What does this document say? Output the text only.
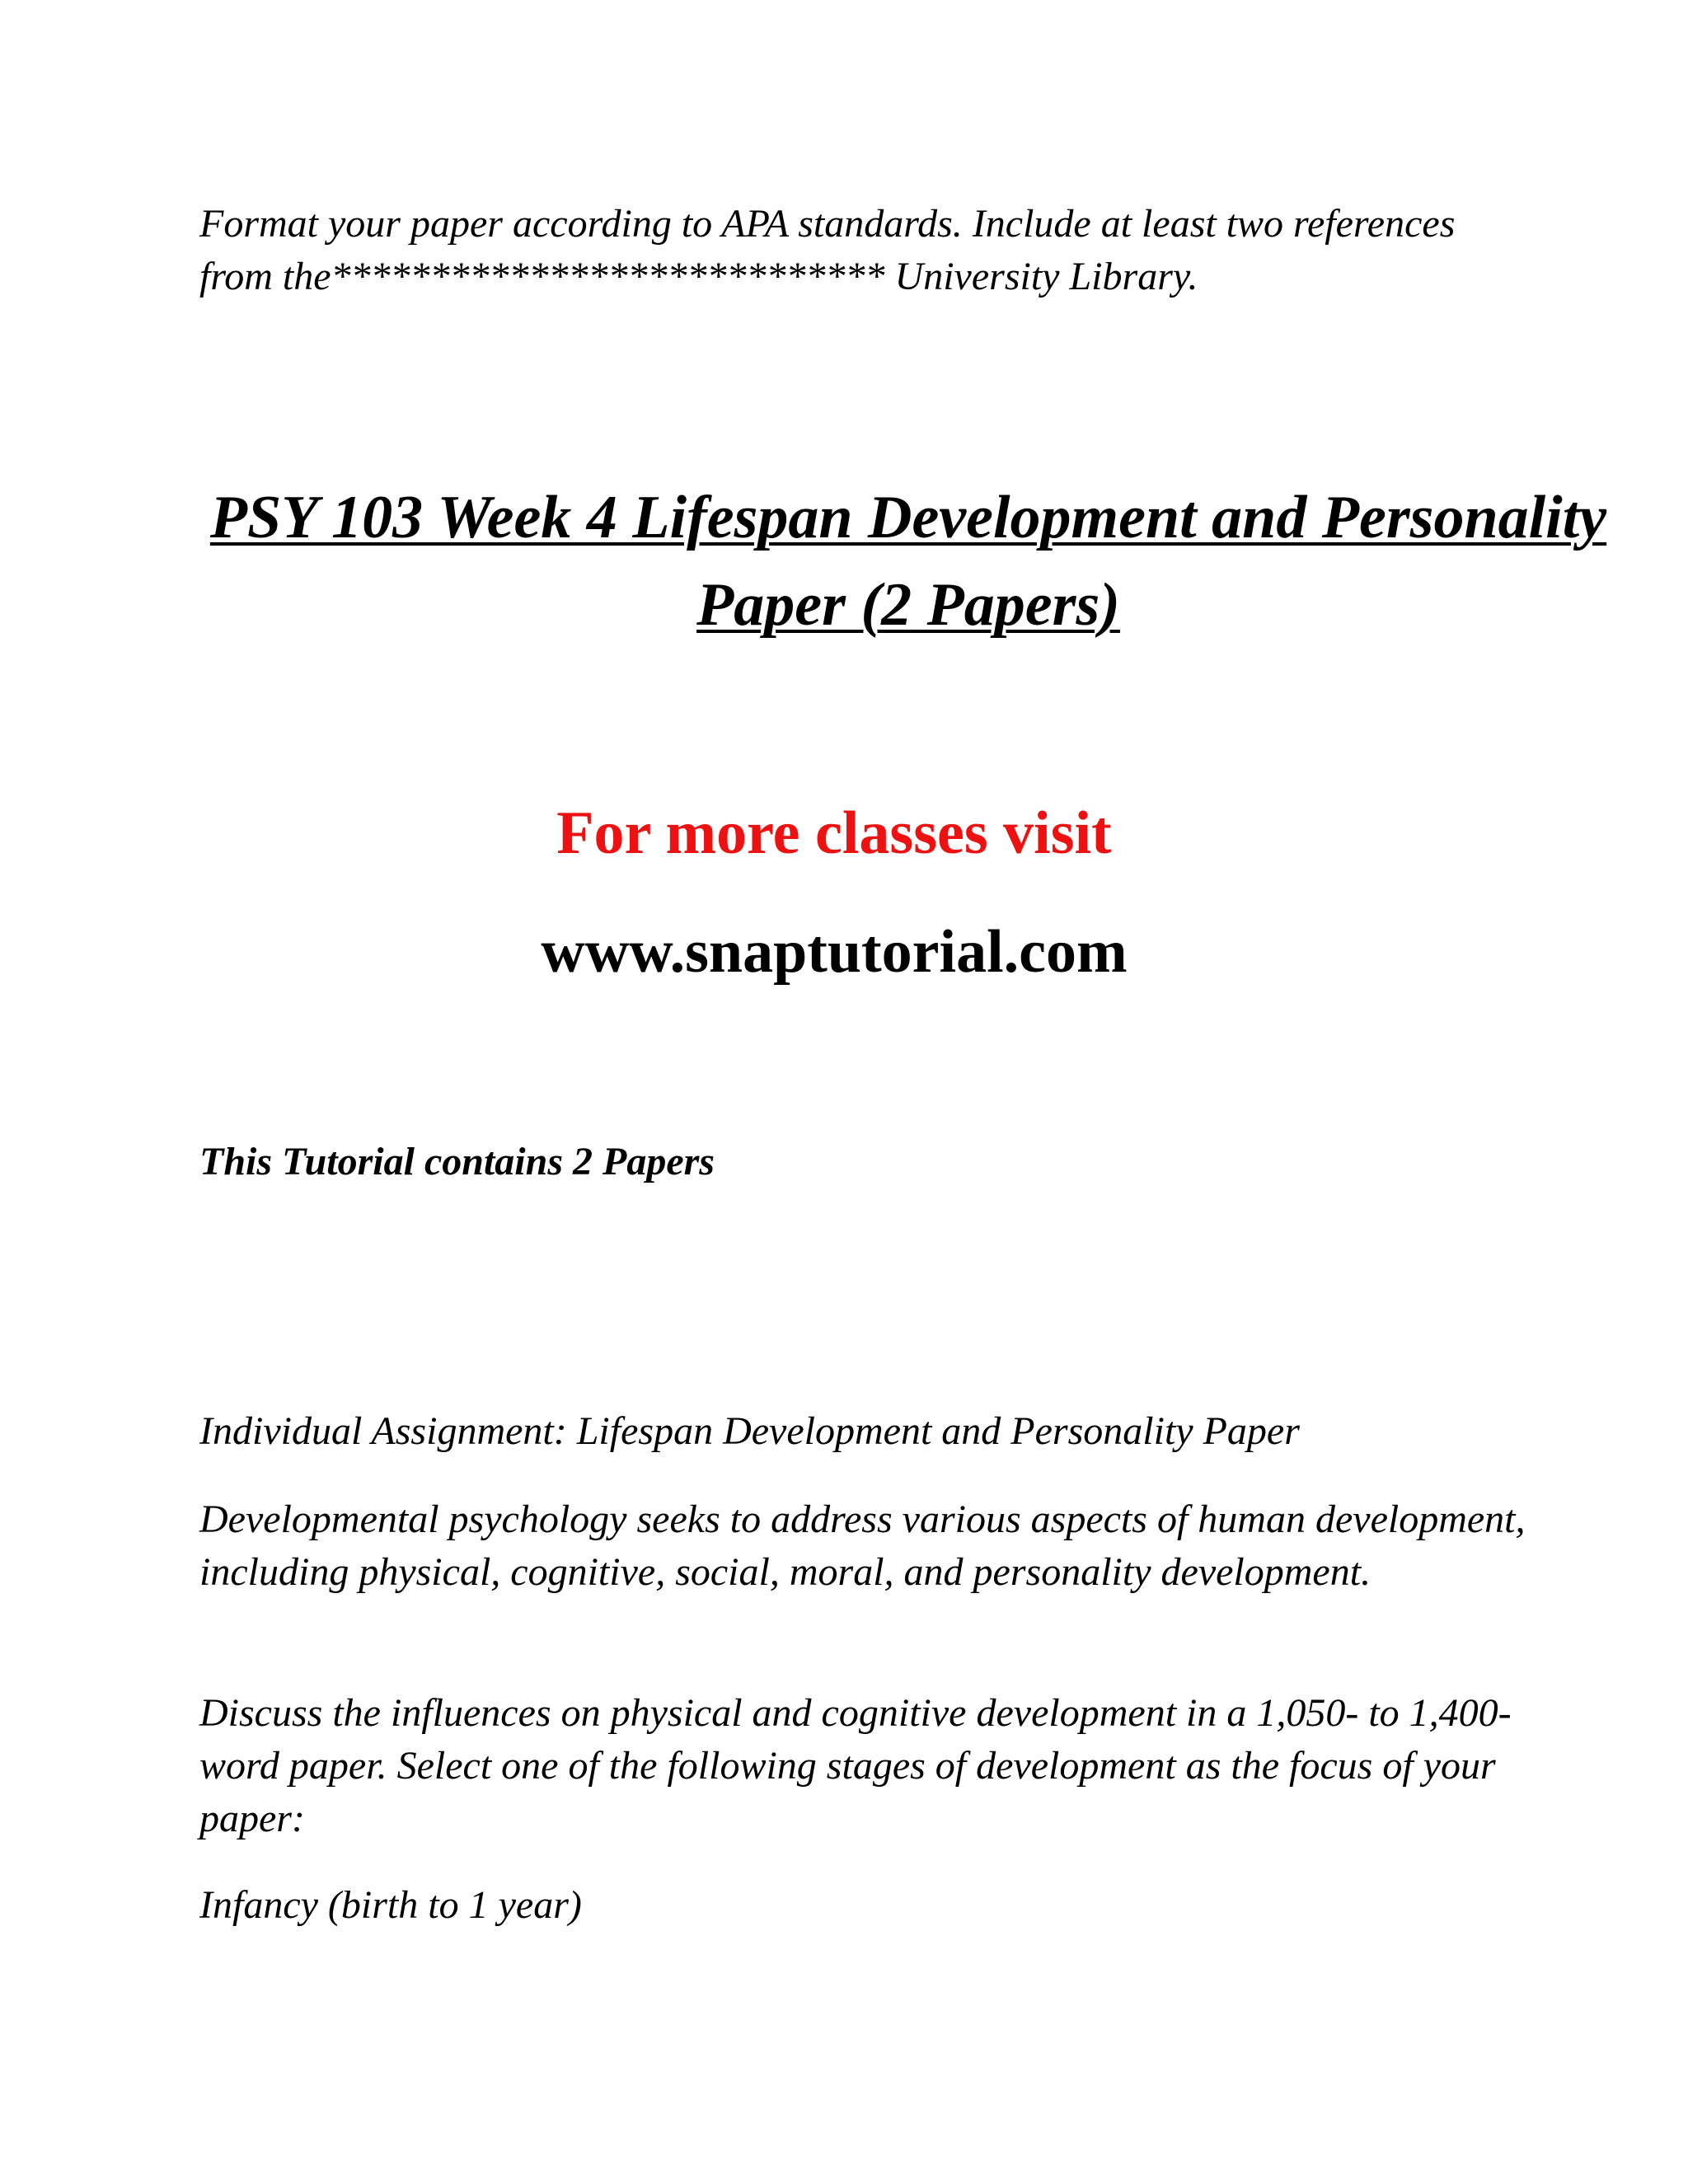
Format your paper according to APA standards. Include at least two references from the**************************** University Library.

PSY 103 Week 4 Lifespan Development and Personality Paper (2 Papers)
For more classes visit
www.snaptutorial.com

This Tutorial contains 2 Papers

Individual Assignment: Lifespan Development and Personality Paper

Developmental psychology seeks to address various aspects of human development, including physical, cognitive, social, moral, and personality development.

Discuss the influences on physical and cognitive development in a 1,050- to 1,400-word paper. Select one of the following stages of development as the focus of your paper:

Infancy (birth to 1 year)
